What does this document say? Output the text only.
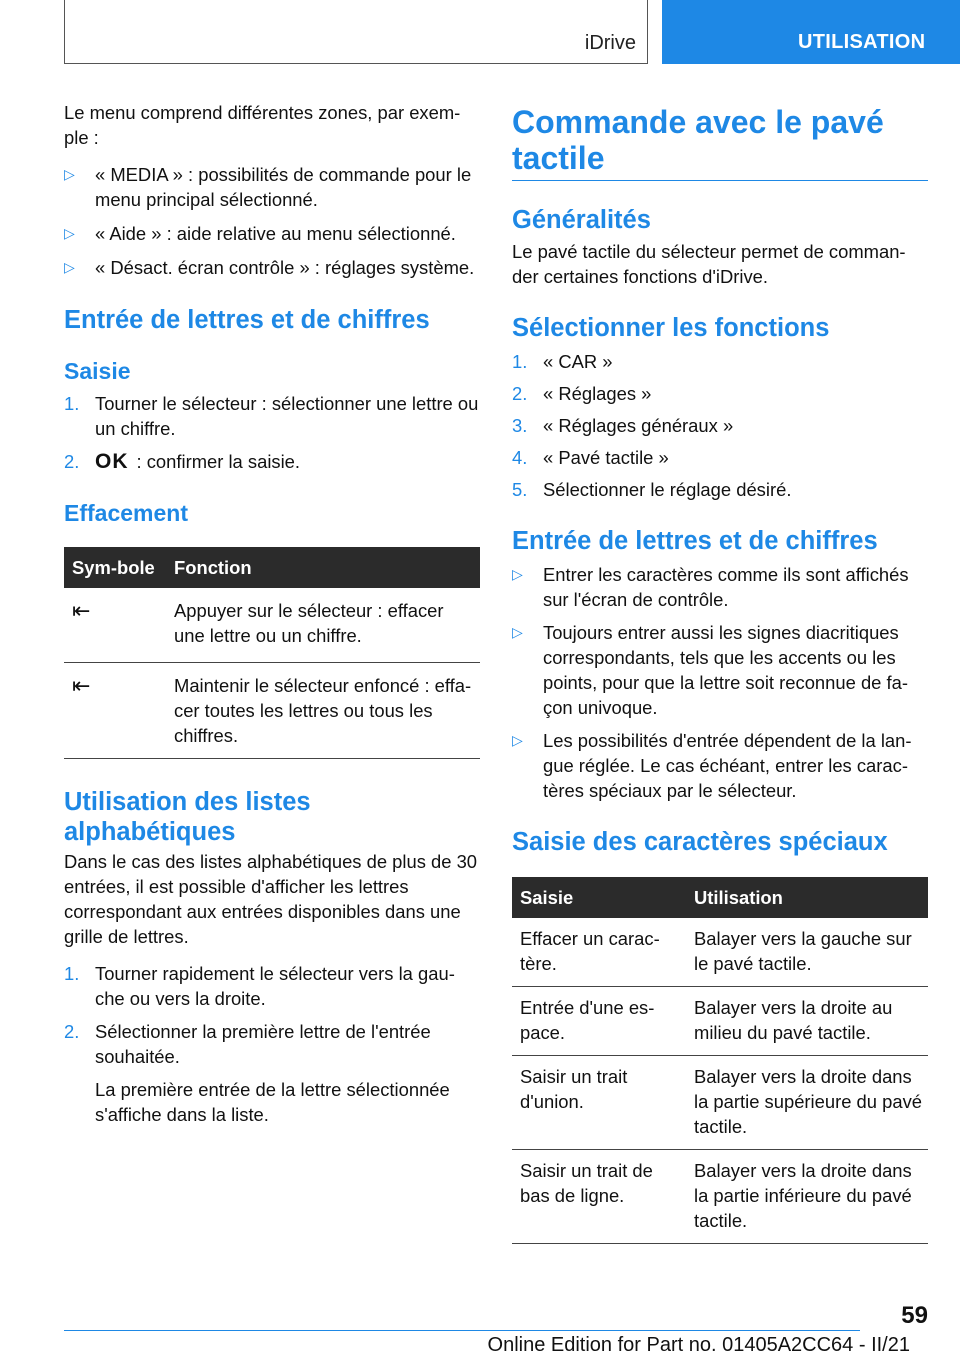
iDrive	UTILISATION

Le menu comprend différentes zones, par exem-ple :

▷ « MEDIA » : possibilités de commande pour le menu principal sélectionné.
▷ « Aide » : aide relative au menu sélectionné.
▷ « Désact. écran contrôle » : réglages système.
Entrée de lettres et de chiffres
Saisie
1. Tourner le sélecteur : sélectionner une lettre ou un chiffre.
2. OK : confirmer la saisie.
Effacement
Sym-bole	Fonction
⇤	Appuyer sur le sélecteur : effacer une lettre ou un chiffre.
⇤	Maintenir le sélecteur enfoncé : effa-cer toutes les lettres ou tous les chiffres.
Utilisation des listes alphabétiques

Dans le cas des listes alphabétiques de plus de 30 entrées, il est possible d'afficher les lettres correspondant aux entrées disponibles dans une grille de lettres.

1. Tourner rapidement le sélecteur vers la gau-che ou vers la droite.
2. Sélectionner la première lettre de l'entrée souhaitée.

La première entrée de la lettre sélectionnée s'affiche dans la liste.

Commande avec le pavé tactile
Généralités

Le pavé tactile du sélecteur permet de comman-der certaines fonctions d'iDrive.

Sélectionner les fonctions
1. « CAR »
2. « Réglages »
3. « Réglages généraux »
4. « Pavé tactile »
5. Sélectionner le réglage désiré.
Entrée de lettres et de chiffres
▷ Entrer les caractères comme ils sont affichés sur l'écran de contrôle.
▷ Toujours entrer aussi les signes diacritiques correspondants, tels que les accents ou les points, pour que la lettre soit reconnue de fa-çon univoque.
▷ Les possibilités d'entrée dépendent de la lan-gue réglée. Le cas échéant, entrer les carac-tères spéciaux par le sélecteur.
Saisie des caractères spéciaux
Saisie	Utilisation
Effacer un carac-tère.	Balayer vers la gauche sur le pavé tactile.
Entrée d'une es-pace.	Balayer vers la droite au milieu du pavé tactile.
Saisir un trait d'union.	Balayer vers la droite dans la partie supérieure du pavé tactile.
Saisir un trait de bas de ligne.	Balayer vers la droite dans la partie inférieure du pavé tactile.
59
Online Edition for Part no. 01405A2CC64 - II/21
